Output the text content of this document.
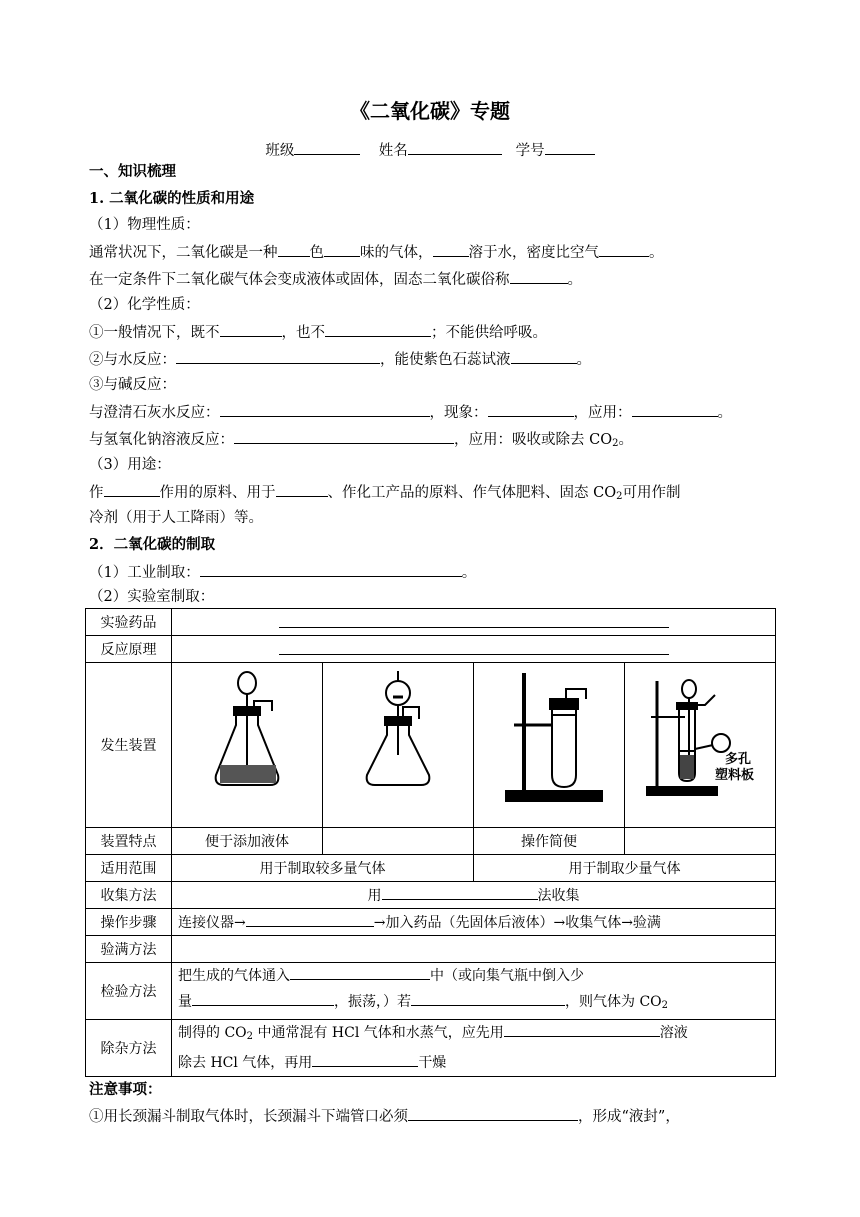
《二氧化碳》专题
班级	姓名	学号
一、知识梳理
1. 二氧化碳的性质和用途
（1）物理性质：
通常状况下，二氧化碳是一种 色 味的气体， 溶于水，密度比空气	。
在一定条件下二氧化碳气体会变成液体或固体，固态二氧化碳俗称	。
（2）化学性质：
①一般情况下，既不	，也不	；不能供给呼吸。
②与水反应：	，能使紫色石蕊试液	。
③与碱反应：
与澄清石灰水反应：	，现象：	，应用：	。
与氢氧化钠溶液反应：	，应用：吸收或除去 $CO_2$。
（3）用途：
作	作用的原料、用于	、作化工产品的原料、作气体肥料、固态 $CO_2$可用作制
冷剂（用于人工降雨）等。
2．二氧化碳的制取
（1）工业制取：	。
（2）实验室制取：
实验药品				
反应原理				
发生装置				多孔
塑料板

装置特点	便于添加液体		操作简便	
适用范围	用于制取较多量气体		用于制取少量气体	
收集方法	用 法收集			
操作步骤	连接仪器→ →加入药品（先固体后液体）→收集气体→验满			
验满方法				
检验方法	把生成的气体通入 中（或向集气瓶中倒入少
量 ，振荡，）若 ，则气体为 $CO_2$
除杂方法	制得的 $CO_2$ 中通常混有 HCl 气体和水蒸气，应先用 溶液
除去 HCl 气体，再用 干燥			
注意事项：
①用长颈漏斗制取气体时，长颈漏斗下端管口必须	，形成“液封”，
